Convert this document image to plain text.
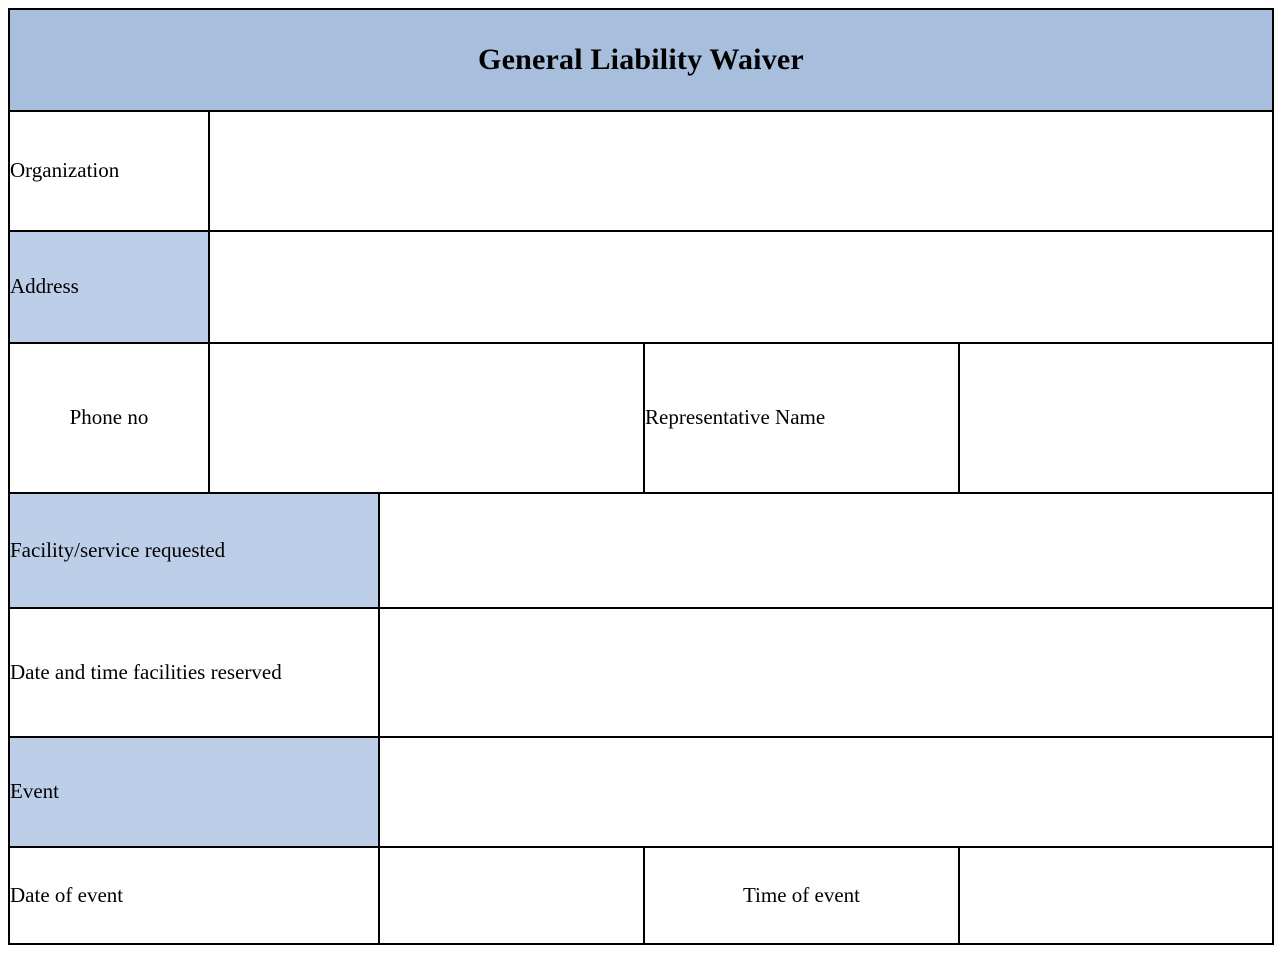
General Liability Waiver				
Organization				
Address				
Phone no			Representative Name	
Facility/service requested				
Date and time facilities reserved				
Event				
Date of event			Time of event	
